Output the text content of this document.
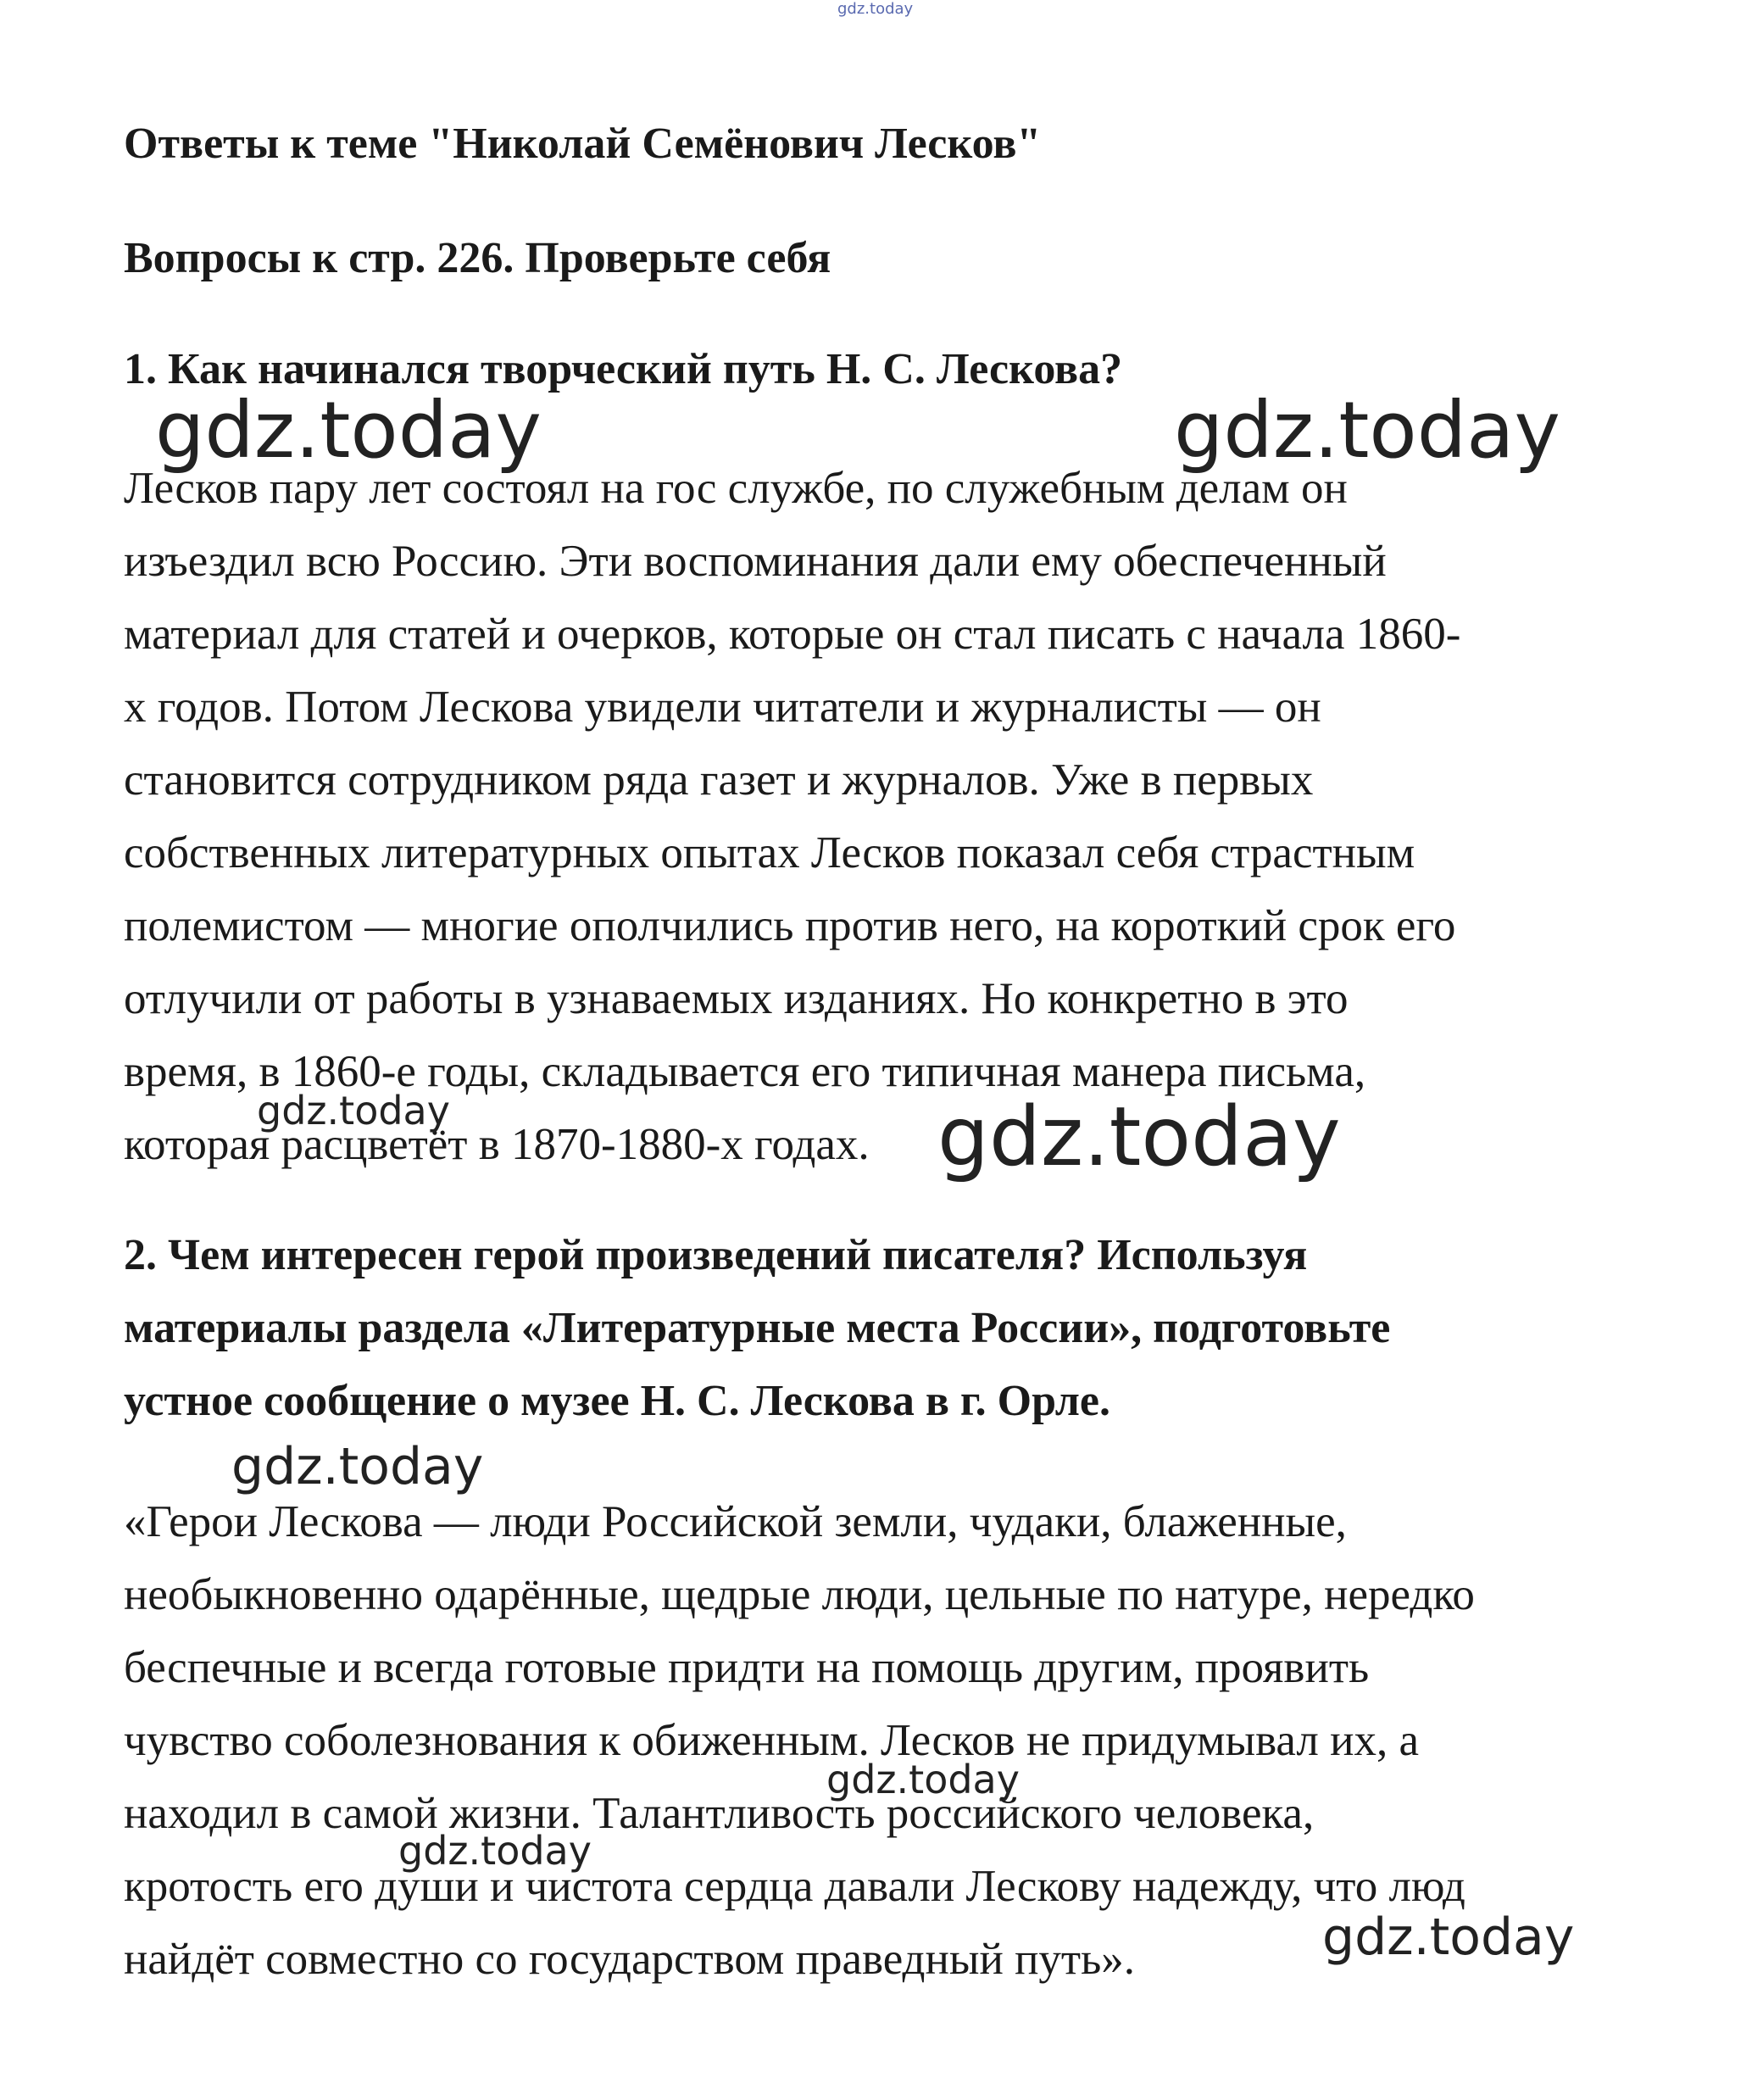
gdz.today
Ответы к теме "Николай Семёнович Лесков"
Вопросы к стр. 226. Проверьте себя
1. Как начинался творческий путь Н. С. Лескова?
Лесков пару лет состоял на гос службе, по служебным делам он
изъездил всю Россию. Эти воспоминания дали ему обеспеченный
материал для статей и очерков, которые он стал писать с начала 1860-
х годов. Потом Лескова увидели читатели и журналисты — он
становится сотрудником ряда газет и журналов. Уже в первых
собственных литературных опытах Лесков показал себя страстным
полемистом — многие ополчились против него, на короткий срок его
отлучили от работы в узнаваемых изданиях. Но конкретно в это
время, в 1860-е годы, складывается его типичная манера письма,
которая расцветёт в 1870-1880-х годах.
2. Чем интересен герой произведений писателя? Используя
материалы раздела «Литературные места России», подготовьте
устное сообщение о музее Н. С. Лескова в г. Орле.
«Герои Лескова — люди Российской земли, чудаки, блаженные,
необыкновенно одарённые, щедрые люди, цельные по натуре, нередко
беспечные и всегда готовые придти на помощь другим, проявить
чувство соболезнования к обиженным. Лесков не придумывал их, а
находил в самой жизни. Талантливость российского человека,
кротость его души и чистота сердца давали Лескову надежду, что люд
найдёт совместно со государством праведный путь».
gdz.today	gdz.today
gdz.today	gdz.today
gdz.today
gdz.today
gdz.today
gdz.today
